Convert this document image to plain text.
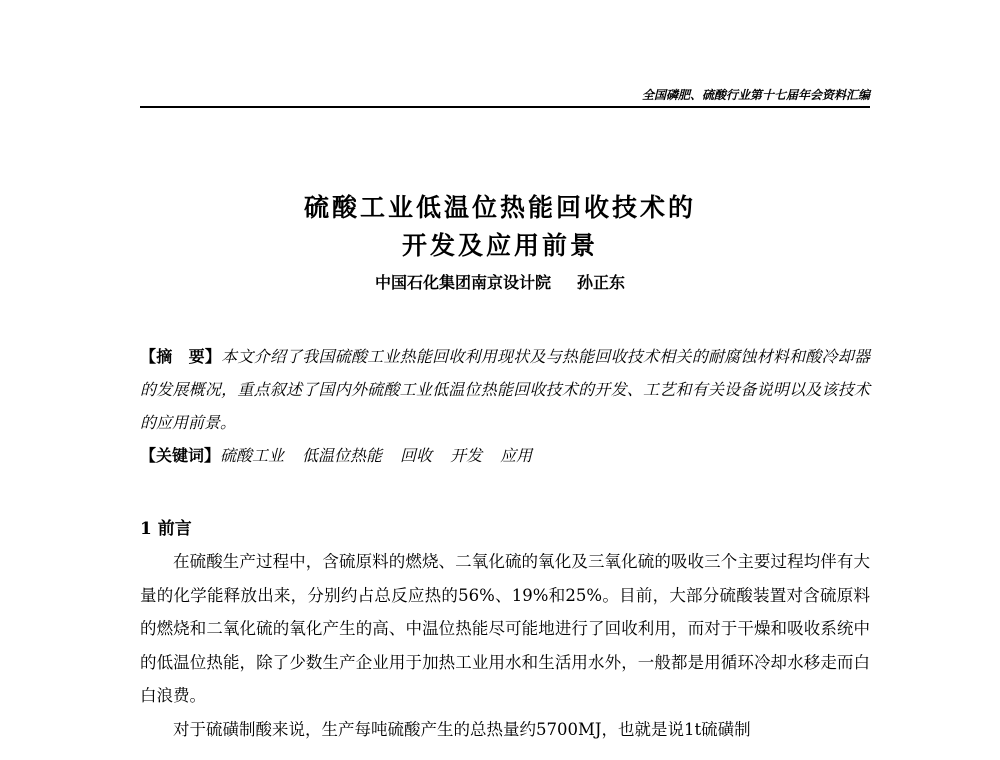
全国磷肥、硫酸行业第十七届年会资料汇编
硫酸工业低温位热能回收技术的
开发及应用前景
中国石化集团南京设计院 孙正东
【摘　要】本文介绍了我国硫酸工业热能回收利用现状及与热能回收技术相关的耐腐蚀材料和酸冷却器的发展概况，重点叙述了国内外硫酸工业低温位热能回收技术的开发、工艺和有关设备说明以及该技术的应用前景。
【关键词】硫酸工业 低温位热能 回收 开发 应用
1 前言

在硫酸生产过程中，含硫原料的燃烧、二氧化硫的氧化及三氧化硫的吸收三个主要过程均伴有大量的化学能释放出来，分别约占总反应热的56%、19%和25%。目前，大部分硫酸装置对含硫原料的燃烧和二氧化硫的氧化产生的高、中温位热能尽可能地进行了回收利用，而对于干燥和吸收系统中的低温位热能，除了少数生产企业用于加热工业用水和生活用水外，一般都是用循环冷却水移走而白白浪费。

对于硫磺制酸来说，生产每吨硫酸产生的总热量约5700MJ，也就是说1t硫磺制
